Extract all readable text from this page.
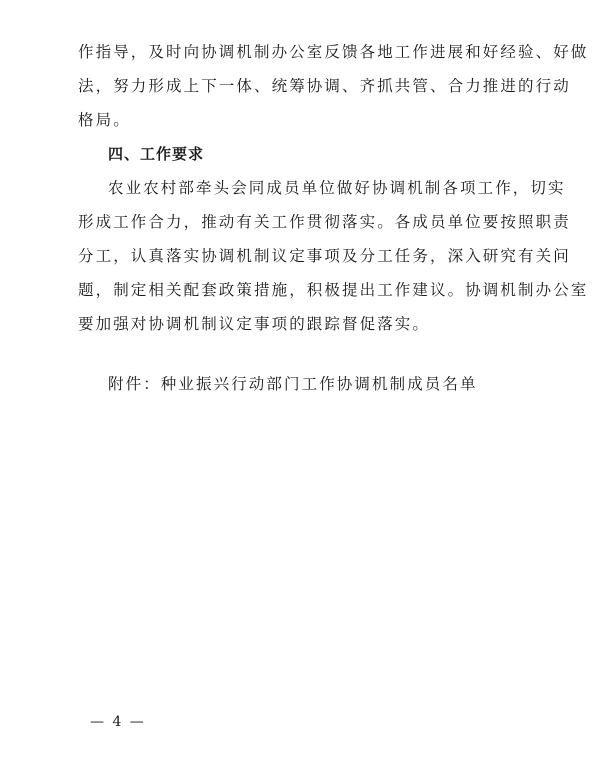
作指导，及时向协调机制办公室反馈各地工作进展和好经验、好做
法，努力形成上下一体、统筹协调、齐抓共管、合力推进的行动
格局。
四、工作要求
农业农村部牵头会同成员单位做好协调机制各项工作，切实
形成工作合力，推动有关工作贯彻落实。各成员单位要按照职责
分工，认真落实协调机制议定事项及分工任务，深入研究有关问
题，制定相关配套政策措施，积极提出工作建议。协调机制办公室
要加强对协调机制议定事项的跟踪督促落实。
附件：种业振兴行动部门工作协调机制成员名单
— 4 —
